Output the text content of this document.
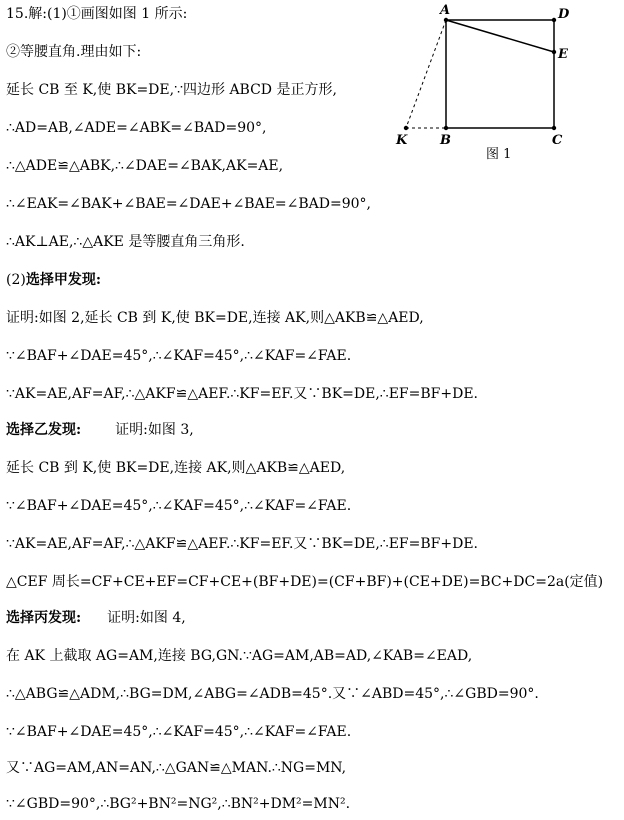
15.解:(1)①画图如图 1 所示:
②等腰直角.理由如下:
延长 CB 至 K,使 BK=DE,∵四边形 ABCD 是正方形,
∴AD=AB,∠ADE=∠ABK=∠BAD=90°,
∴△ADE≌△ABK,∴∠DAE=∠BAK,AK=AE,
∴∠EAK=∠BAK+∠BAE=∠DAE+∠BAE=∠BAD=90°,
∴AK⊥AE,∴△AKE 是等腰直角三角形.
(2)选择甲发现:
证明:如图 2,延长 CB 到 K,使 BK=DE,连接 AK,则△AKB≌△AED,
∵∠BAF+∠DAE=45°,∴∠KAF=45°,∴∠KAF=∠FAE.
∵AK=AE,AF=AF,∴△AKF≌△AEF.∴KF=EF.又∵BK=DE,∴EF=BF+DE.
选择乙发现: 证明:如图 3,
延长 CB 到 K,使 BK=DE,连接 AK,则△AKB≌△AED,
∵∠BAF+∠DAE=45°,∴∠KAF=45°,∴∠KAF=∠FAE.
∵AK=AE,AF=AF,∴△AKF≌△AEF.∴KF=EF.又∵BK=DE,∴EF=BF+DE.
△CEF 周长=CF+CE+EF=CF+CE+(BF+DE)=(CF+BF)+(CE+DE)=BC+DC=2a(定值)
选择丙发现: 证明:如图 4,
在 AK 上截取 AG=AM,连接 BG,GN.∵AG=AM,AB=AD,∠KAB=∠EAD,
∴△ABG≌△ADM,∴BG=DM,∠ABG=∠ADB=45°.又∵∠ABD=45°,∴∠GBD=90°.
∵∠BAF+∠DAE=45°,∴∠KAF=45°,∴∠KAF=∠FAE.
又∵AG=AM,AN=AN,∴△GAN≌△MAN.∴NG=MN,
∵∠GBD=90°,∴BG²+BN²=NG²,∴BN²+DM²=MN².
A	D
E
B	C
K
图 1
